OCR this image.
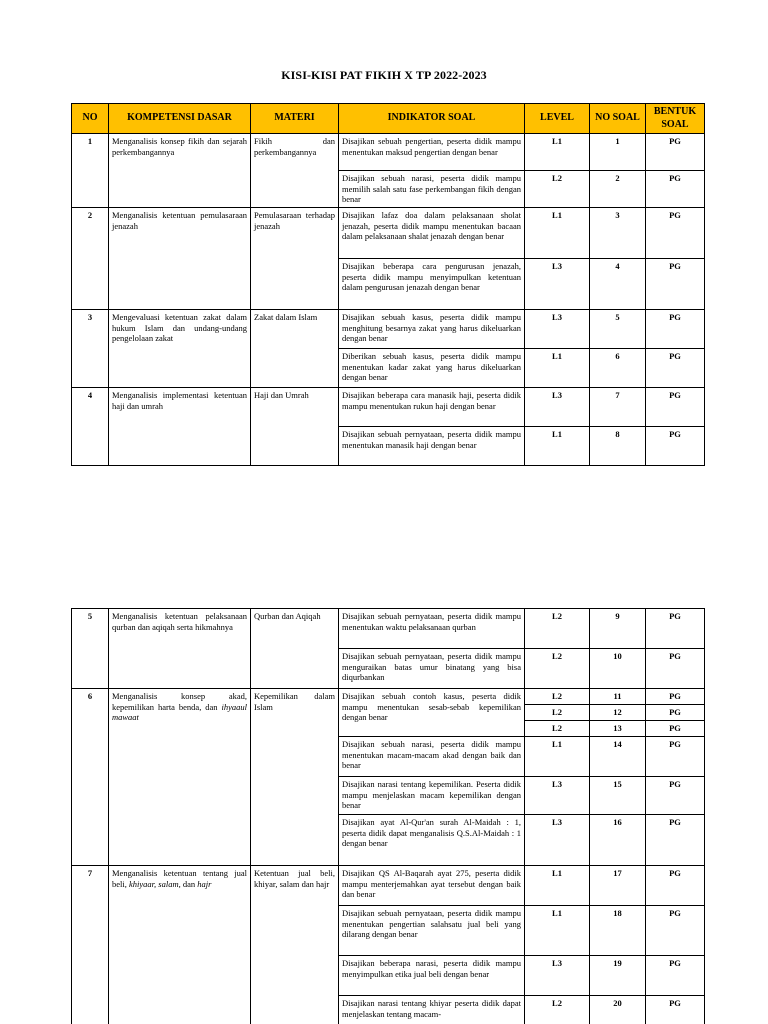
KISI-KISI PAT FIKIH X TP 2022-2023
NO	KOMPETENSI DASAR	MATERI	INDIKATOR SOAL	LEVEL	NO SOAL	BENTUK SOAL
1	Menganalisis konsep fikih dan sejarah perkembangannya	Fikih dan perkembangannya	Disajikan sebuah pengertian, peserta didik mampu menentukan maksud pengertian dengan benar	L1	1	PG
			Disajikan sebuah narasi, peserta didik mampu memilih salah satu fase perkembangan fikih dengan benar	L2	2	PG
2	Menganalisis ketentuan pemulasaraan jenazah	Pemulasaraan terhadap jenazah	Disajikan lafaz doa dalam pelaksanaan sholat jenazah, peserta didik mampu menentukan bacaan dalam pelaksanaan shalat jenazah dengan benar	L1	3	PG
			Disajikan beberapa cara pengurusan jenazah, peserta didik mampu menyimpulkan ketentuan dalam pengurusan jenazah dengan benar	L3	4	PG
3	Mengevaluasi ketentuan zakat dalam hukum Islam dan undang-undang pengelolaan zakat	Zakat dalam Islam	Disajikan sebuah kasus, peserta didik mampu menghitung besarnya zakat yang harus dikeluarkan dengan benar	L3	5	PG
			Diberikan sebuah kasus, peserta didik mampu menentukan kadar zakat yang harus dikeluarkan dengan benar	L1	6	PG
4	Menganalisis implementasi ketentuan haji dan umrah	Haji dan Umrah	Disajikan beberapa cara manasik haji, peserta didik mampu menentukan rukun haji dengan benar	L3	7	PG
			Disajikan sebuah pernyataan, peserta didik mampu menentukan manasik haji dengan benar	L1	8	PG
5	Menganalisis ketentuan pelaksanaan qurban dan aqiqah serta hikmahnya	Qurban dan Aqiqah	Disajikan sebuah pernyataan, peserta didik mampu menentukan waktu pelaksanaan qurban	L2	9	PG
			Disajikan sebuah pernyataan, peserta didik mampu menguraikan batas umur binatang yang bisa diqurbankan	L2	10	PG
6	Menganalisis konsep akad, kepemilikan harta benda, dan ihyaaul mawaat	Kepemilikan dalam Islam	Disajikan sebuah contoh kasus, peserta didik mampu menentukan sesab-sebab kepemilikan dengan benar	L2	11	PG
				L2	12	PG
				L2	13	PG
			Disajikan sebuah narasi, peserta didik mampu menentukan macam-macam akad dengan baik dan benar	L1	14	PG
			Disajikan narasi tentang kepemilikan. Peserta didik mampu menjelaskan macam kepemilikan dengan benar	L3	15	PG
			Disajikan ayat Al-Qur'an surah Al-Maidah : 1, peserta didik dapat menganalisis Q.S.Al-Maidah : 1 dengan benar	L3	16	PG
7	Menganalisis ketentuan tentang jual beli, khiyaar, salam, dan hajr	Ketentuan jual beli, khiyar, salam dan hajr	Disajikan QS Al-Baqarah ayat 275, peserta didik mampu menterjemahkan ayat tersebut dengan baik dan benar	L1	17	PG
			Disajikan sebuah pernyataan, peserta didik mampu menentukan pengertian salahsatu jual beli yang dilarang dengan benar	L1	18	PG
			Disajikan beberapa narasi, peserta didik mampu menyimpulkan etika jual beli dengan benar	L3	19	PG
			Disajikan narasi tentang khiyar peserta didik dapat menjelaskan tentang macam-	L2	20	PG
